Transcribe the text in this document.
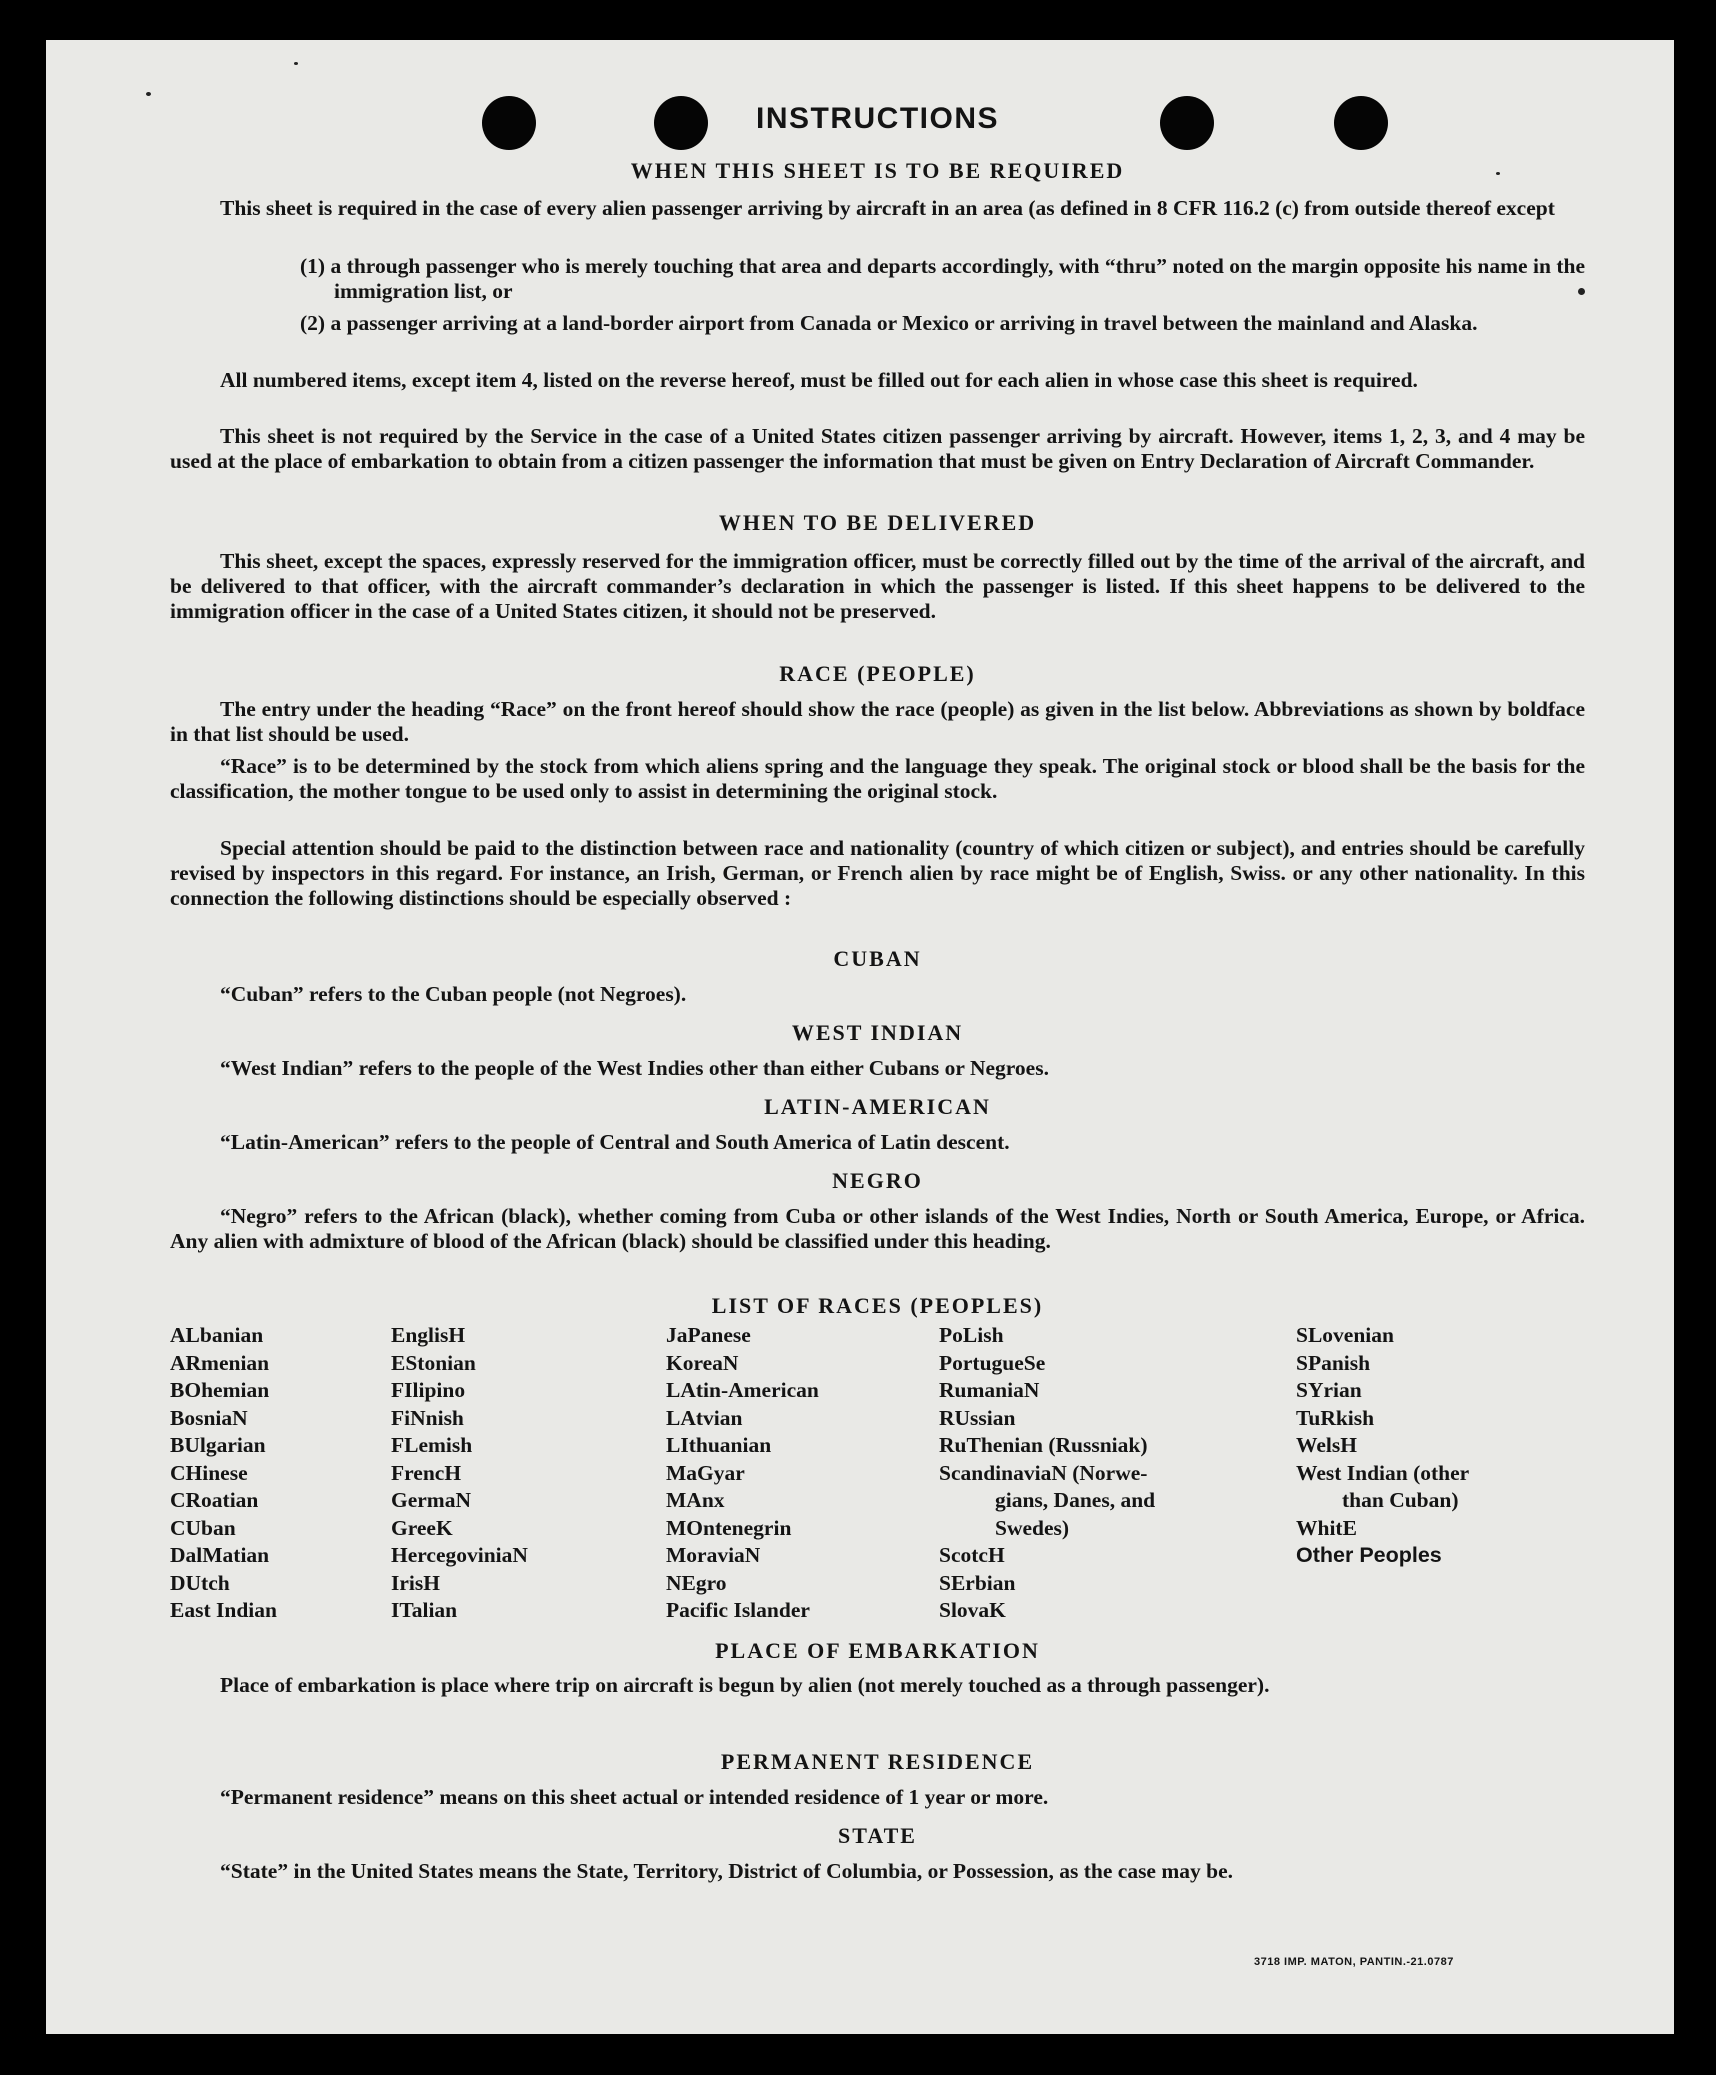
INSTRUCTIONS
WHEN THIS SHEET IS TO BE REQUIRED

This sheet is required in the case of every alien passenger arriving by aircraft in an area (as defined in 8 CFR 116.2 (c) from outside thereof except

(1) a through passenger who is merely touching that area and departs accordingly, with “thru” noted on the margin opposite his name in the immigration list, or
(2) a passenger arriving at a land-border airport from Canada or Mexico or arriving in travel between the mainland and Alaska.

All numbered items, except item 4, listed on the reverse hereof, must be filled out for each alien in whose case this sheet is required.

This sheet is not required by the Service in the case of a United States citizen passenger arriving by aircraft. However, items 1, 2, 3, and 4 may be used at the place of embarkation to obtain from a citizen passenger the information that must be given on Entry Declaration of Aircraft Commander.

WHEN TO BE DELIVERED

This sheet, except the spaces, expressly reserved for the immigration officer, must be correctly filled out by the time of the arrival of the aircraft, and be delivered to that officer, with the aircraft commander’s declaration in which the passenger is listed. If this sheet happens to be delivered to the immigration officer in the case of a United States citizen, it should not be preserved.

RACE (PEOPLE)

The entry under the heading “Race” on the front hereof should show the race (people) as given in the list below. Abbreviations as shown by boldface in that list should be used.

“Race” is to be determined by the stock from which aliens spring and the language they speak. The original stock or blood shall be the basis for the classification, the mother tongue to be used only to assist in determining the original stock.

Special attention should be paid to the distinction between race and nationality (country of which citizen or subject), and entries should be carefully revised by inspectors in this regard. For instance, an Irish, German, or French alien by race might be of English, Swiss. or any other nationality. In this connection the following distinctions should be especially observed :

CUBAN

“Cuban” refers to the Cuban people (not Negroes).

WEST INDIAN

“West Indian” refers to the people of the West Indies other than either Cubans or Negroes.

LATIN-AMERICAN

“Latin-American” refers to the people of Central and South America of Latin descent.

NEGRO

“Negro” refers to the African (black), whether coming from Cuba or other islands of the West Indies, North or South America, Europe, or Africa. Any alien with admixture of blood of the African (black) should be classified under this heading.

LIST OF RACES (PEOPLES)
ALbanian
ARmenian
BOhemian
BosniaN
BUlgarian
CHinese
CRoatian
CUban
DalMatian
DUtch
East Indian
EnglisH
EStonian
FIlipino
FiNnish
FLemish
FrencH
GermaN
GreeK
HercegoviniaN
IrisH
ITalian
JaPanese
KoreaN
LAtin-American
LAtvian
LIthuanian
MaGyar
MAnx
MOntenegrin
MoraviaN
NEgro
Pacific Islander
PoLish
PortugueSe
RumaniaN
RUssian
RuThenian (Russniak)
ScandinaviaN (Norwe-
gians, Danes, and
Swedes)
ScotcH
SErbian
SlovaK
SLovenian
SPanish
SYrian
TuRkish
WelsH
West Indian (other
than Cuban)
WhitE
Other Peoples
PLACE OF EMBARKATION

Place of embarkation is place where trip on aircraft is begun by alien (not merely touched as a through passenger).

PERMANENT RESIDENCE

“Permanent residence” means on this sheet actual or intended residence of 1 year or more.

STATE

“State” in the United States means the State, Territory, District of Columbia, or Possession, as the case may be.

3718 IMP. MATON, PANTIN.-21.0787
